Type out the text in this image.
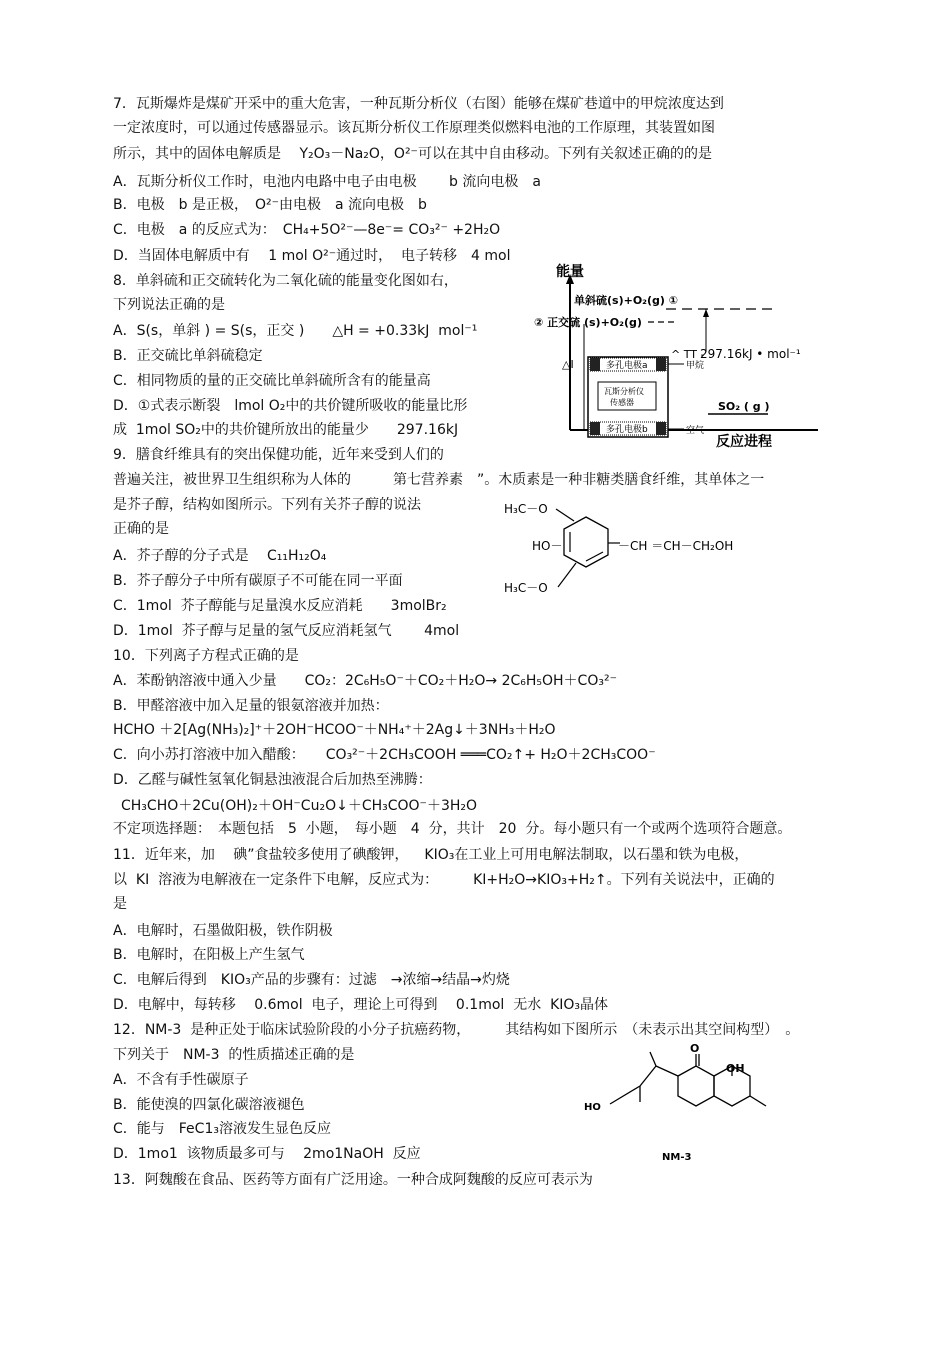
7．瓦斯爆炸是煤矿开采中的重大危害，一种瓦斯分析仪（右图）能够在煤矿巷道中的甲烷浓度达到
一定浓度时，可以通过传感器显示。该瓦斯分析仪工作原理类似燃料电池的工作原理，其装置如图
所示，其中的固体电解质是　 Y₂O₃－Na₂O，O²⁻可以在其中自由移动。下列有关叙述正确的的是
A．瓦斯分析仪工作时，电池内电路中电子由电极　　 b 流向电极　a
B．电极　b 是正极，　O²⁻由电极　a 流向电极　b
C．电极　a 的反应式为：　CH₄+5O²⁻—8e⁻= CO₃²⁻ +2H₂O
D．当固体电解质中有　 1 mol O²⁻通过时，  电子转移　4 mol
8．单斜硫和正交硫转化为二氧化硫的能量变化图如右，
下列说法正确的是
A．S(s，单斜 ) = S(s，正交 )　　△H = +0.33kJ  mol⁻¹
B．正交硫比单斜硫稳定
C．相同物质的量的正交硫比单斜硫所含有的能量高
D．①式表示断裂　lmol O₂中的共价键所吸收的能量比形
成  1mol SO₂中的共价键所放出的能量少　　297.16kJ
9．膳食纤维具有的突出保健功能，近年来受到人们的
普遍关注，被世界卫生组织称为人体的　　　第七营养素　”。木质素是一种非糖类膳食纤维，其单体之一
是芥子醇，结构如图所示。下列有关芥子醇的说法
正确的是
A．芥子醇的分子式是　 C₁₁H₁₂O₄
B．芥子醇分子中所有碳原子不可能在同一平面
C．1mol  芥子醇能与足量溴水反应消耗　　3molBr₂
D．1mol  芥子醇与足量的氢气反应消耗氢气　　 4mol
10．下列离子方程式正确的是
A．苯酚钠溶液中通入少量　　CO₂：2C₆H₅O⁻＋CO₂＋H₂O→ 2C₆H₅OH＋CO₃²⁻
B．甲醛溶液中加入足量的银氨溶液并加热：
HCHO ＋2[Ag(NH₃)₂]⁺＋2OH⁻HCOO⁻＋NH₄⁺＋2Ag↓＋3NH₃＋H₂O
C．向小苏打溶液中加入醋酸：　　CO₃²⁻＋2CH₃COOH ═══CO₂↑+ H₂O＋2CH₃COO⁻
D．乙醛与碱性氢氧化铜悬浊液混合后加热至沸腾：
CH₃CHO＋2Cu(OH)₂＋OH⁻Cu₂O↓＋CH₃COO⁻＋3H₂O
不定项选择题：　本题包括　5  小题，　每小题　4  分，共计　20  分。每小题只有一个或两个选项符合题意。
11．近年来，加　 碘”食盐较多使用了碘酸钾，　  KIO₃在工业上可用电解法制取，以石墨和铁为电极，
以  KI  溶液为电解液在一定条件下电解，反应式为：　　　KI+H₂O→KIO₃+H₂↑。下列有关说法中，正确的
是
A．电解时，石墨做阳极，铁作阴极
B．电解时，在阳极上产生氢气
C．电解后得到　KIO₃产品的步骤有：过滤　→浓缩→结晶→灼烧
D．电解中，每转移　 0.6mol  电子，理论上可得到　 0.1mol  无水  KIO₃晶体
12．NM-3  是种正处于临床试验阶段的小分子抗癌药物，　　　其结构如下图所示　（未表示出其空间构型）　。
下列关于　NM-3  的性质描述正确的是
A．不含有手性碳原子
B．能使溴的四氯化碳溶液褪色
C．能与　FeC1₃溶液发生显色反应
D．1mo1  该物质最多可与　 2mo1NaOH  反应
13．阿魏酸在食品、医药等方面有广泛用途。一种合成阿魏酸的反应可表示为
能量
反应进程
单斜硫(s)+O₂(g) ①
② 正交硫 (s)+O₂(g)
^ TT -
297.16kJ • mol⁻¹
△I
SO₂ ( g )
多孔电极a
瓦斯分析仪
传感器
多孔电极b
甲烷
空气
H₃C－O
HO－
H₃C－O
－CH ＝CH－CH₂OH
O
OH
HO
NM-3
